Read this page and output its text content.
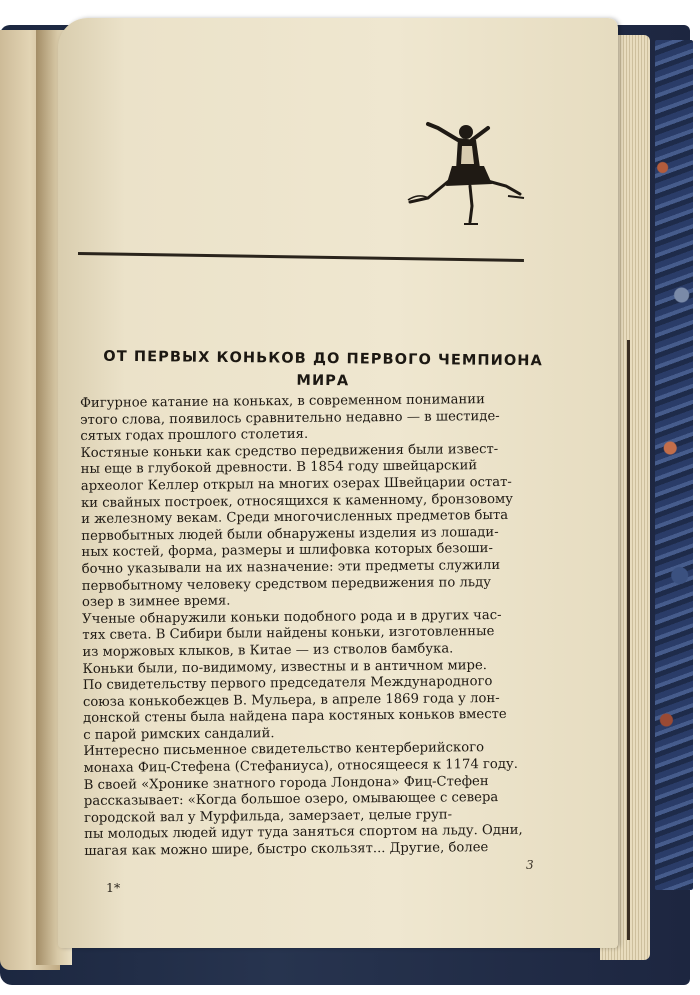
ОТ ПЕРВЫХ КОНЬКОВ ДО ПЕРВОГО ЧЕМПИОНА
МИРА
Фигурное катание на коньках, в современном понимании
этого слова, появилось сравнительно недавно — в шестиде-
сятых годах прошлого столетия.
Костяные коньки как средство передвижения были извест-
ны еще в глубокой древности. В 1854 году швейцарский
археолог Келлер открыл на многих озерах Швейцарии остат-
ки свайных построек, относящихся к каменному, бронзовому
и железному векам. Среди многочисленных предметов быта
первобытных людей были обнаружены изделия из лошади-
ных костей, форма, размеры и шлифовка которых безоши-
бочно указывали на их назначение: эти предметы служили
первобытному человеку средством передвижения по льду
озер в зимнее время.
Ученые обнаружили коньки подобного рода и в других час-
тях света. В Сибири были найдены коньки, изготовленные
из моржовых клыков, в Китае — из стволов бамбука.
Коньки были, по-видимому, известны и в античном мире.
По свидетельству первого председателя Международного
союза конькобежцев В. Мульера, в апреле 1869 года у лон-
донской стены была найдена пара костяных коньков вместе
с парой римских сандалий.
Интересно письменное свидетельство кентерберийского
монаха Фиц-Стефена (Стефаниуса), относящееся к 1174 году.
В своей «Хронике знатного города Лондона» Фиц-Стефен
рассказывает: «Когда большое озеро, омывающее с севера
городской вал у Мурфильда, замерзает, целые груп-
пы молодых людей идут туда заняться спортом на льду. Одни,
шагая как можно шире, быстро скользят... Другие, более
3
1*
